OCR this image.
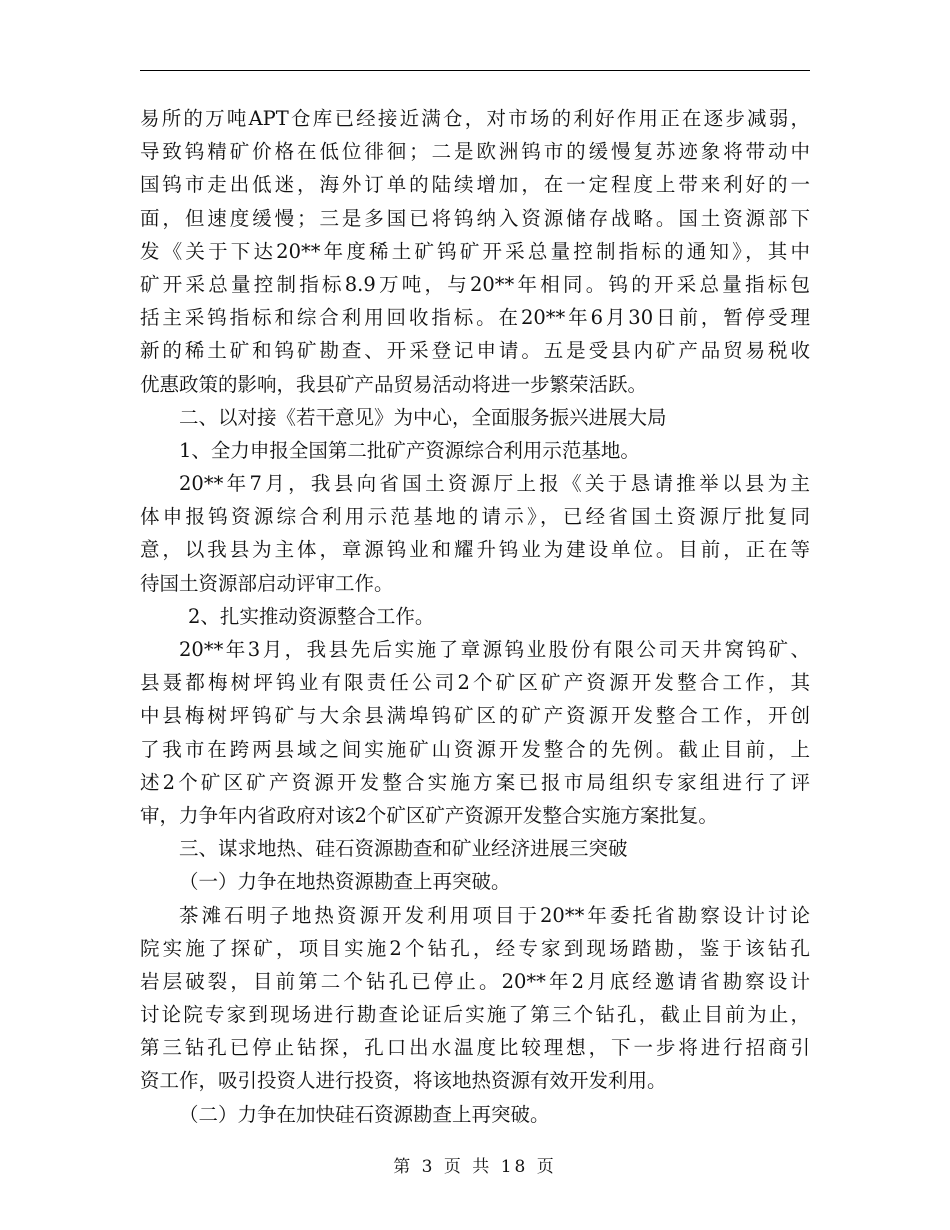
易所的万吨APT仓库已经接近满仓，对市场的利好作用正在逐步减弱，
导致钨精矿价格在低位徘徊；二是欧洲钨市的缓慢复苏迹象将带动中
国钨市走出低迷，海外订单的陆续增加，在一定程度上带来利好的一
面，但速度缓慢；三是多国已将钨纳入资源储存战略。国土资源部下
发《关于下达20**年度稀土矿钨矿开采总量控制指标的通知》，其中
矿开采总量控制指标8.9万吨，与20**年相同。钨的开采总量指标包
括主采钨指标和综合利用回收指标。在20**年6月30日前，暂停受理
新的稀土矿和钨矿勘查、开采登记申请。五是受县内矿产品贸易税收
优惠政策的影响，我县矿产品贸易活动将进一步繁荣活跃。
二、以对接《若干意见》为中心，全面服务振兴进展大局
1、全力申报全国第二批矿产资源综合利用示范基地。
20**年7月，我县向省国土资源厅上报《关于恳请推举以县为主
体申报钨资源综合利用示范基地的请示》，已经省国土资源厅批复同
意，以我县为主体，章源钨业和耀升钨业为建设单位。目前，正在等
待国土资源部启动评审工作。
2、扎实推动资源整合工作。
20**年3月，我县先后实施了章源钨业股份有限公司天井窝钨矿、
县聂都梅树坪钨业有限责任公司2个矿区矿产资源开发整合工作，其
中县梅树坪钨矿与大余县满埠钨矿区的矿产资源开发整合工作，开创
了我市在跨两县域之间实施矿山资源开发整合的先例。截止目前，上
述2个矿区矿产资源开发整合实施方案已报市局组织专家组进行了评
审，力争年内省政府对该2个矿区矿产资源开发整合实施方案批复。
三、谋求地热、硅石资源勘查和矿业经济进展三突破
（一）力争在地热资源勘查上再突破。
茶滩石明子地热资源开发利用项目于20**年委托省勘察设计讨论
院实施了探矿，项目实施2个钻孔，经专家到现场踏勘，鉴于该钻孔
岩层破裂，目前第二个钻孔已停止。20**年2月底经邀请省勘察设计
讨论院专家到现场进行勘查论证后实施了第三个钻孔，截止目前为止，
第三钻孔已停止钻探，孔口出水温度比较理想，下一步将进行招商引
资工作，吸引投资人进行投资，将该地热资源有效开发利用。
（二）力争在加快硅石资源勘查上再突破。
第 3 页 共 18 页
